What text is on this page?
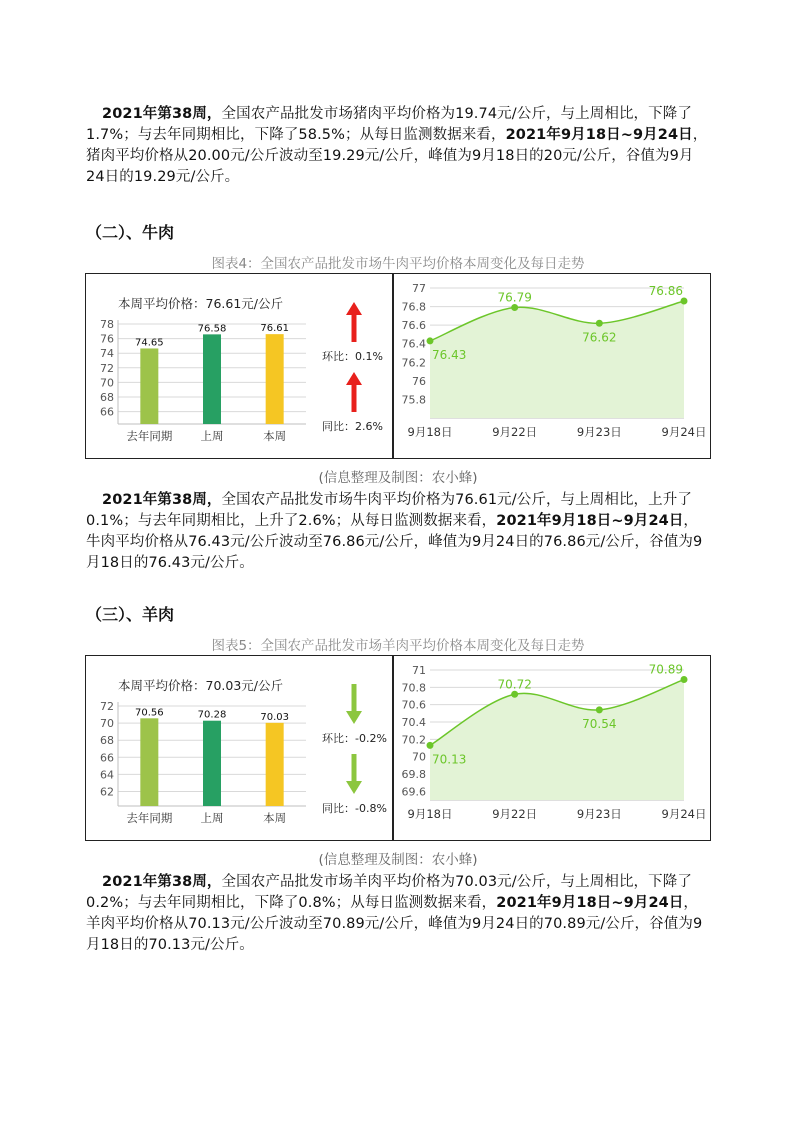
2021年第38周，全国农产品批发市场猪肉平均价格为19.74元/公斤，与上周相比，下降了1.7%；与去年同期相比，下降了58.5%；从每日监测数据来看，2021年9月18日~9月24日，猪肉平均价格从20.00元/公斤波动至19.29元/公斤，峰值为9月18日的20元/公斤，谷值为9月24日的19.29元/公斤。
（二）、牛肉
图表4：全国农产品批发市场牛肉平均价格本周变化及每日走势
本周平均价格：76.61元/公斤
66
68
70
72
74
76
78
74.65
去年同期
76.58
上周
76.61
本周
环比：0.1%
同比：2.6%
75.8
76
76.2
76.4
76.6
76.8
77
76.43
76.79
76.62
76.86
9月18日	9月22日	9月23日	9月24日
(信息整理及制图：农小蜂)
2021年第38周，全国农产品批发市场牛肉平均价格为76.61元/公斤，与上周相比，上升了0.1%；与去年同期相比，上升了2.6%；从每日监测数据来看，2021年9月18日~9月24日，牛肉平均价格从76.43元/公斤波动至76.86元/公斤，峰值为9月24日的76.86元/公斤，谷值为9月18日的76.43元/公斤。
（三）、羊肉
图表5：全国农产品批发市场羊肉平均价格本周变化及每日走势
本周平均价格：70.03元/公斤
62
64
66
68
70
72 70.56
去年同期
70.28
上周
70.03
本周
环比：-0.2%
同比：-0.8%
69.6
69.8
70
70.2
70.4
70.6
70.8
71
70.13
70.72
70.54
70.89
9月18日	9月22日	9月23日	9月24日
(信息整理及制图：农小蜂)
2021年第38周，全国农产品批发市场羊肉平均价格为70.03元/公斤，与上周相比，下降了0.2%；与去年同期相比，下降了0.8%；从每日监测数据来看，2021年9月18日~9月24日，羊肉平均价格从70.13元/公斤波动至70.89元/公斤，峰值为9月24日的70.89元/公斤，谷值为9月18日的70.13元/公斤。
